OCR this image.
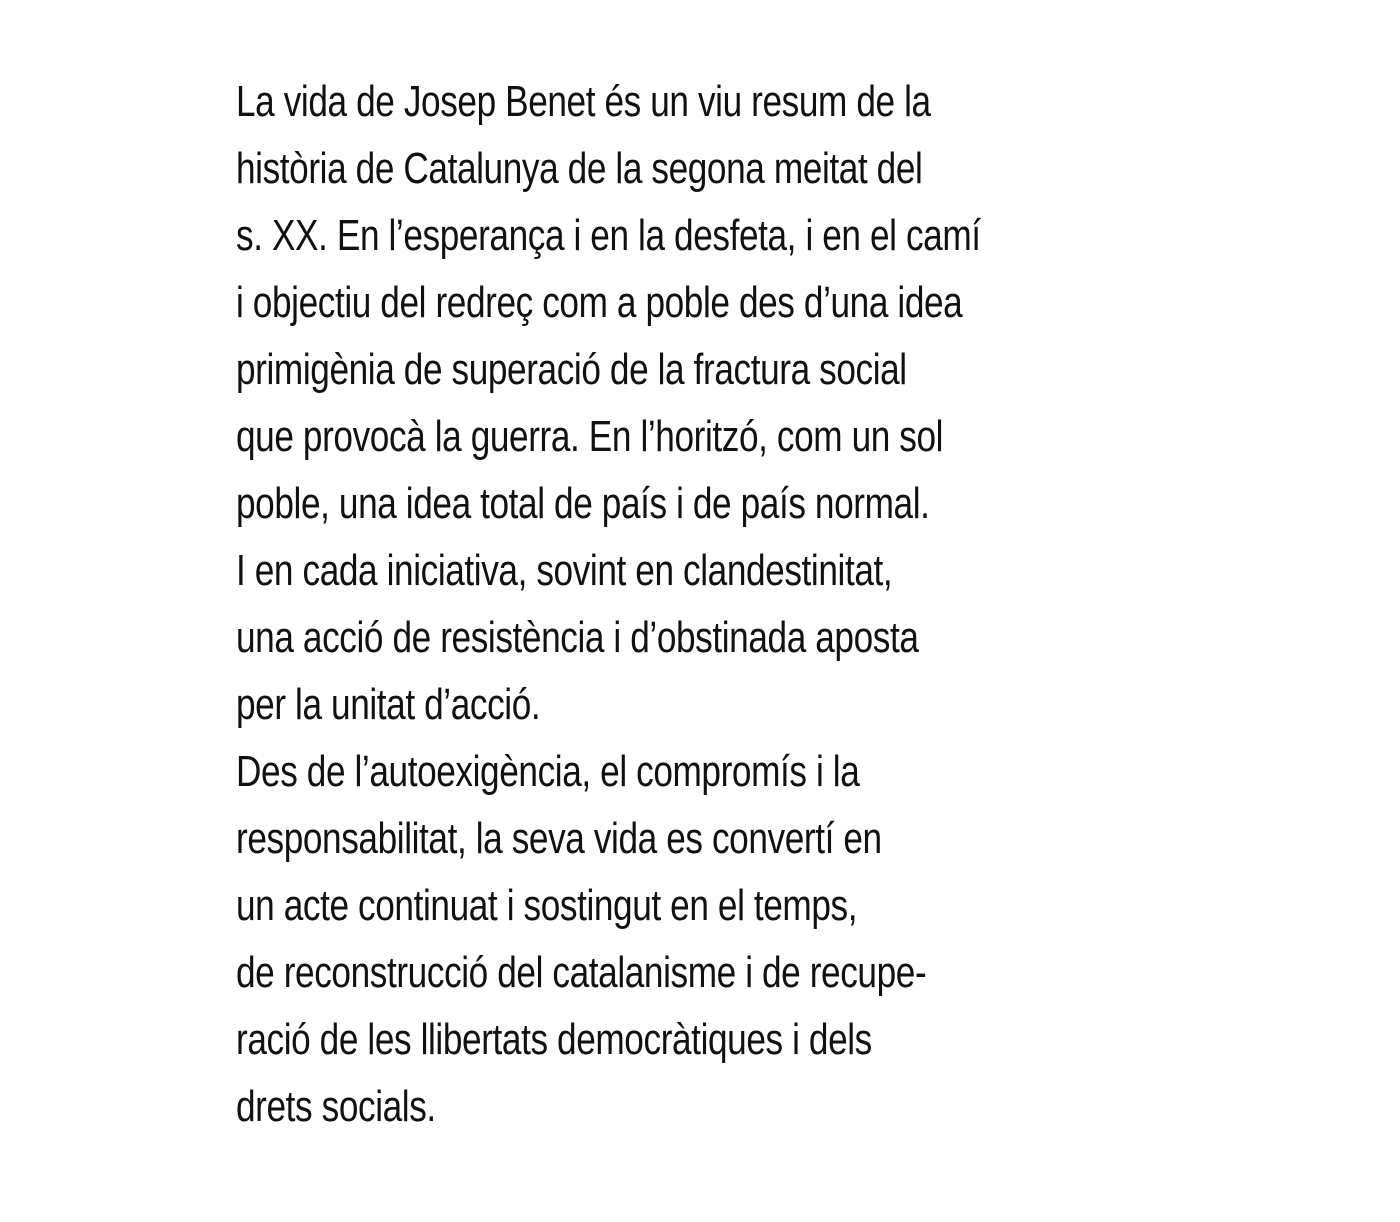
La vida de Josep Benet és un viu resum de la
història de Catalunya de la segona meitat del
s. XX. En l’esperança i en la desfeta, i en el camí
i objectiu del redreç com a poble des d’una idea
primigènia de superació de la fractura social
que provocà la guerra. En l’horitzó, com un sol
poble, una idea total de país i de país normal.
I en cada iniciativa, sovint en clandestinitat,
una acció de resistència i d’obstinada aposta
per la unitat d’acció.
Des de l’autoexigència, el compromís i la
responsabilitat, la seva vida es convertí en
un acte continuat i sostingut en el temps,
de reconstrucció del catalanisme i de recupe-
ració de les llibertats democràtiques i dels
drets socials.
